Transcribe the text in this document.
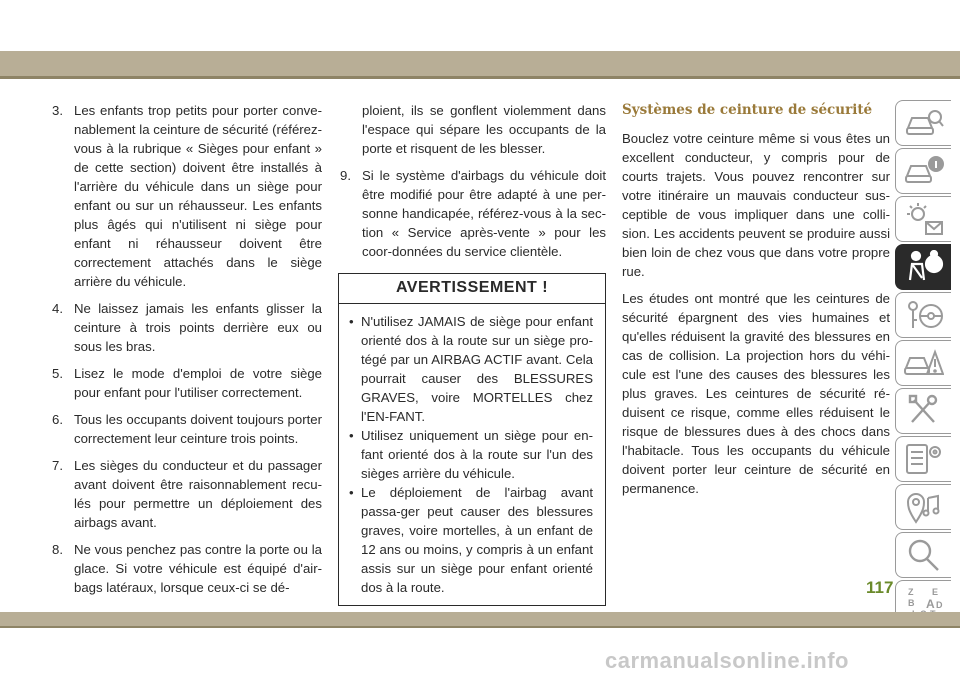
3. Les enfants trop petits pour porter conve-nablement la ceinture de sécurité (référez-vous à la rubrique « Sièges pour enfant » de cette section) doivent être installés à l'arrière du véhicule dans un siège pour enfant ou sur un réhausseur. Les enfants plus âgés qui n'utilisent ni siège pour enfant ni réhausseur doivent être correctement attachés dans le siège arrière du véhicule.
4. Ne laissez jamais les enfants glisser la ceinture à trois points derrière eux ou sous les bras.
5. Lisez le mode d'emploi de votre siège pour enfant pour l'utiliser correctement.
6. Tous les occupants doivent toujours porter correctement leur ceinture trois points.
7. Les sièges du conducteur et du passager avant doivent être raisonnablement recu-lés pour permettre un déploiement des airbags avant.
8. Ne vous penchez pas contre la porte ou la glace. Si votre véhicule est équipé d'air-bags latéraux, lorsque ceux-ci se dé-
ploient, ils se gonflent violemment dans l'espace qui sépare les occupants de la porte et risquent de les blesser.
9. Si le système d'airbags du véhicule doit être modifié pour être adapté à une per-sonne handicapée, référez-vous à la sec-tion « Service après-vente » pour les coor-données du service clientèle.
AVERTISSEMENT !
• N'utilisez JAMAIS de siège pour enfant orienté dos à la route sur un siège pro-tégé par un AIRBAG ACTIF avant. Cela pourrait causer des BLESSURES GRAVES, voire MORTELLES chez l'EN-FANT.
• Utilisez uniquement un siège pour en-fant orienté dos à la route sur l'un des sièges arrière du véhicule.
• Le déploiement de l'airbag avant passa-ger peut causer des blessures graves, voire mortelles, à un enfant de 12 ans ou moins, y compris à un enfant assis sur un siège pour enfant orienté dos à la route.
Systèmes de ceinture de sécurité

Bouclez votre ceinture même si vous êtes un excellent conducteur, y compris pour de courts trajets. Vous pouvez rencontrer sur votre itinéraire un mauvais conducteur sus-ceptible de vous impliquer dans une colli-sion. Les accidents peuvent se produire aussi bien loin de chez vous que dans votre propre rue.

Les études ont montré que les ceintures de sécurité épargnent des vies humaines et qu'elles réduisent la gravité des blessures en cas de collision. La projection hors du véhi-cule est l'une des causes des blessures les plus graves. Les ceintures de sécurité ré-duisent ce risque, comme elles réduisent le risque de blessures dues à des chocs dans l'habitacle. Tous les occupants du véhicule doivent porter leur ceinture de sécurité en permanence.

Z E
B A D
117
carmanualsonline.info
